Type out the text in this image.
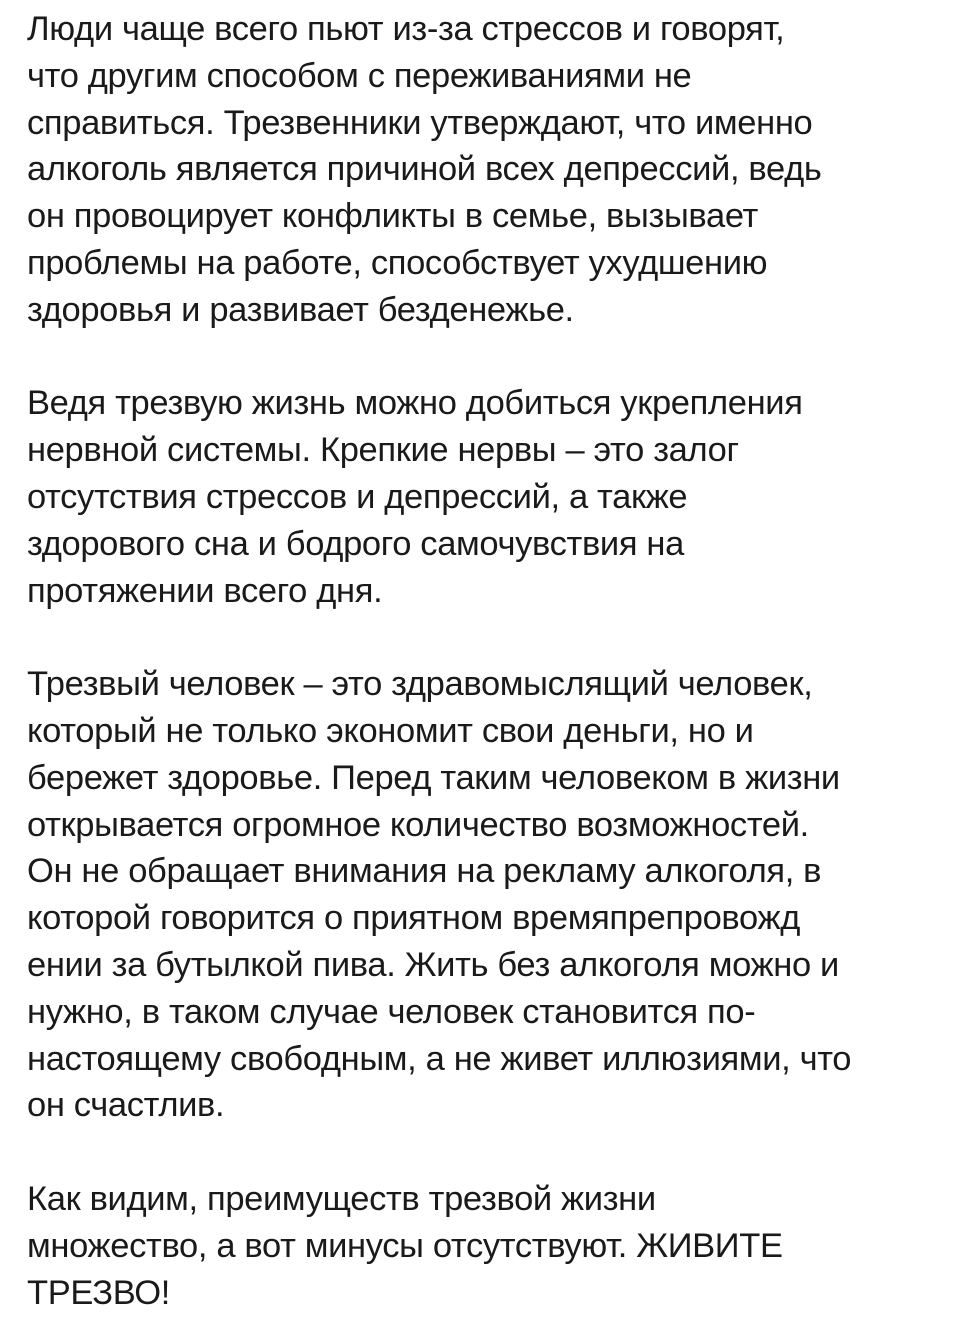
Люди чаще всего пьют из-за стрессов и говорят,
что другим способом с переживаниями не
справиться. Трезвенники утверждают, что именно
алкоголь является причиной всех депрессий, ведь
он провоцирует конфликты в семье, вызывает
проблемы на работе, способствует ухудшению
здоровья и развивает безденежье.

Ведя трезвую жизнь можно добиться укрепления
нервной системы. Крепкие нервы – это залог
отсутствия стрессов и депрессий, а также
здорового сна и бодрого самочувствия на
протяжении всего дня.

Трезвый человек – это здравомыслящий человек,
который не только экономит свои деньги, но и
бережет здоровье. Перед таким человеком в жизни
открывается огромное количество возможностей.
Он не обращает внимания на рекламу алкоголя, в
которой говорится о приятном времяпрепровожд
ении за бутылкой пива. Жить без алкоголя можно и
нужно, в таком случае человек становится по-
настоящему свободным, а не живет иллюзиями, что
он счастлив.

Как видим, преимуществ трезвой жизни
множество, а вот минусы отсутствуют. ЖИВИТЕ
ТРЕЗВО!
